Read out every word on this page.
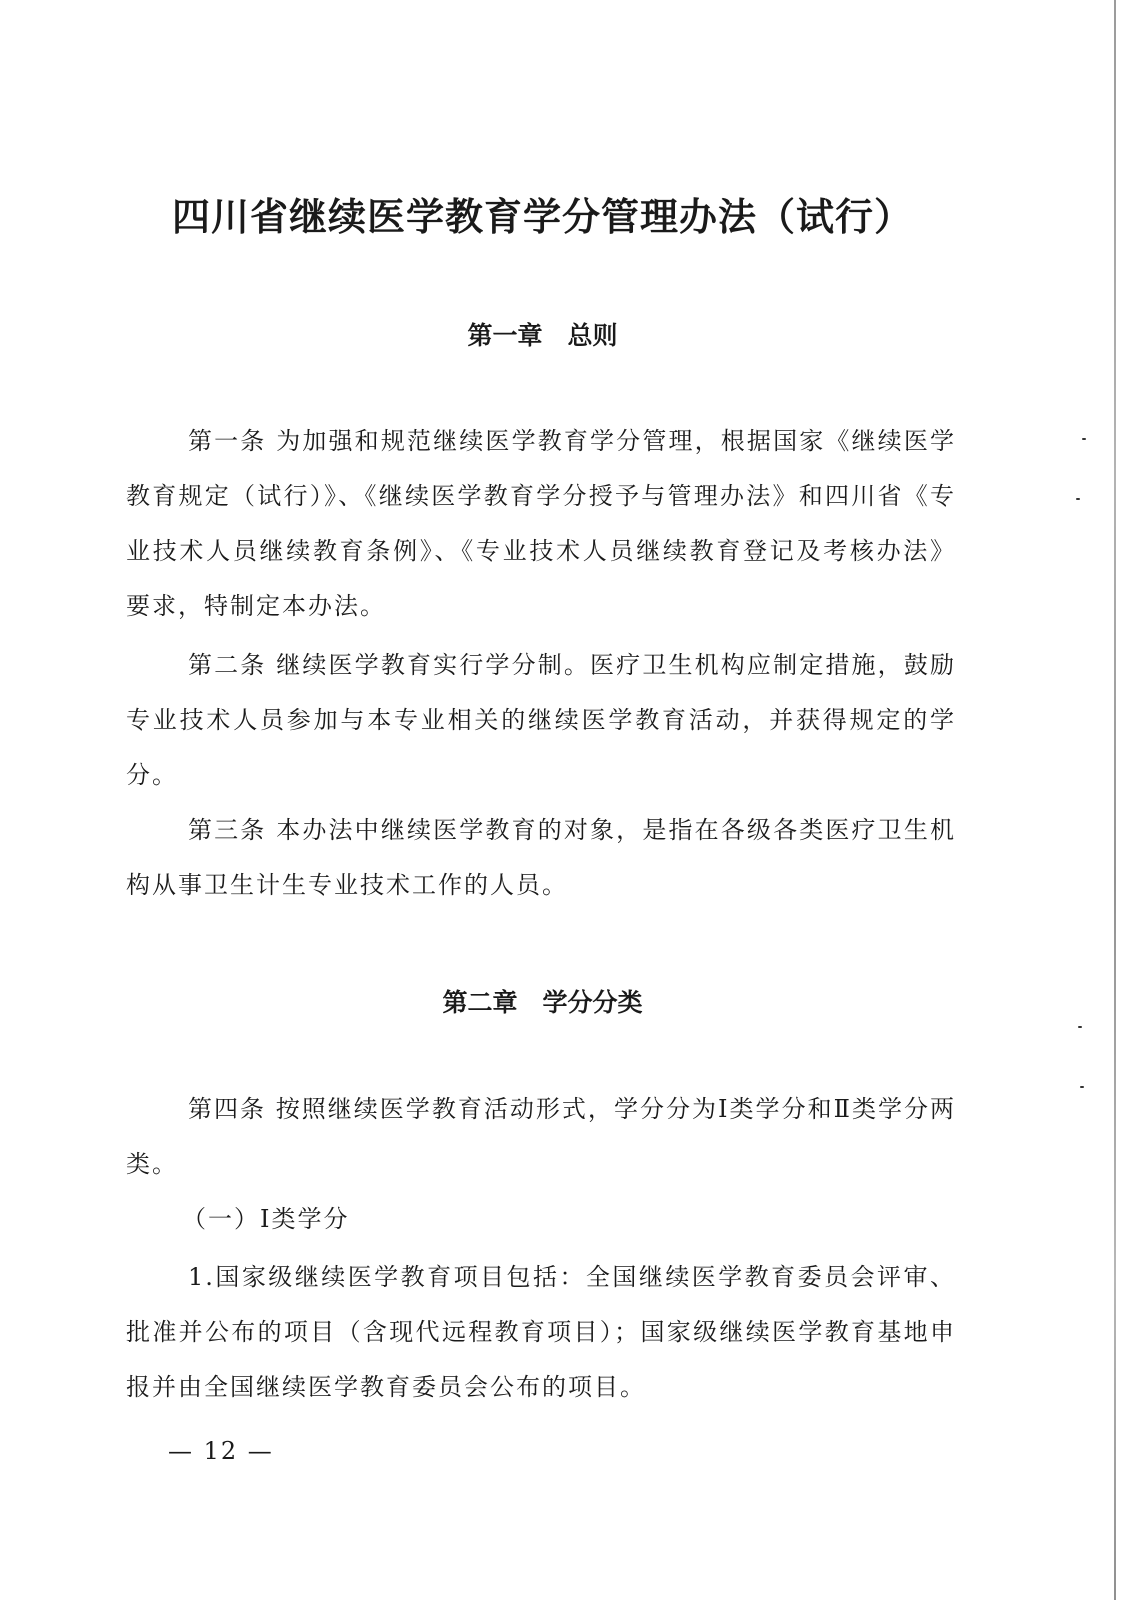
四川省继续医学教育学分管理办法（试行）
第一章　总则

第一条 为加强和规范继续医学教育学分管理，根据国家《继续医学教育规定（试行）》、《继续医学教育学分授予与管理办法》和四川省《专业技术人员继续教育条例》、《专业技术人员继续教育登记及考核办法》要求，特制定本办法。

第二条 继续医学教育实行学分制。医疗卫生机构应制定措施，鼓励专业技术人员参加与本专业相关的继续医学教育活动，并获得规定的学分。

第三条 本办法中继续医学教育的对象，是指在各级各类医疗卫生机构从事卫生计生专业技术工作的人员。

第二章　学分分类

第四条 按照继续医学教育活动形式，学分分为Ⅰ类学分和Ⅱ类学分两类。

（一）Ⅰ类学分

1.国家级继续医学教育项目包括：全国继续医学教育委员会评审、批准并公布的项目（含现代远程教育项目）；国家级继续医学教育基地申报并由全国继续医学教育委员会公布的项目。

— 12 —
